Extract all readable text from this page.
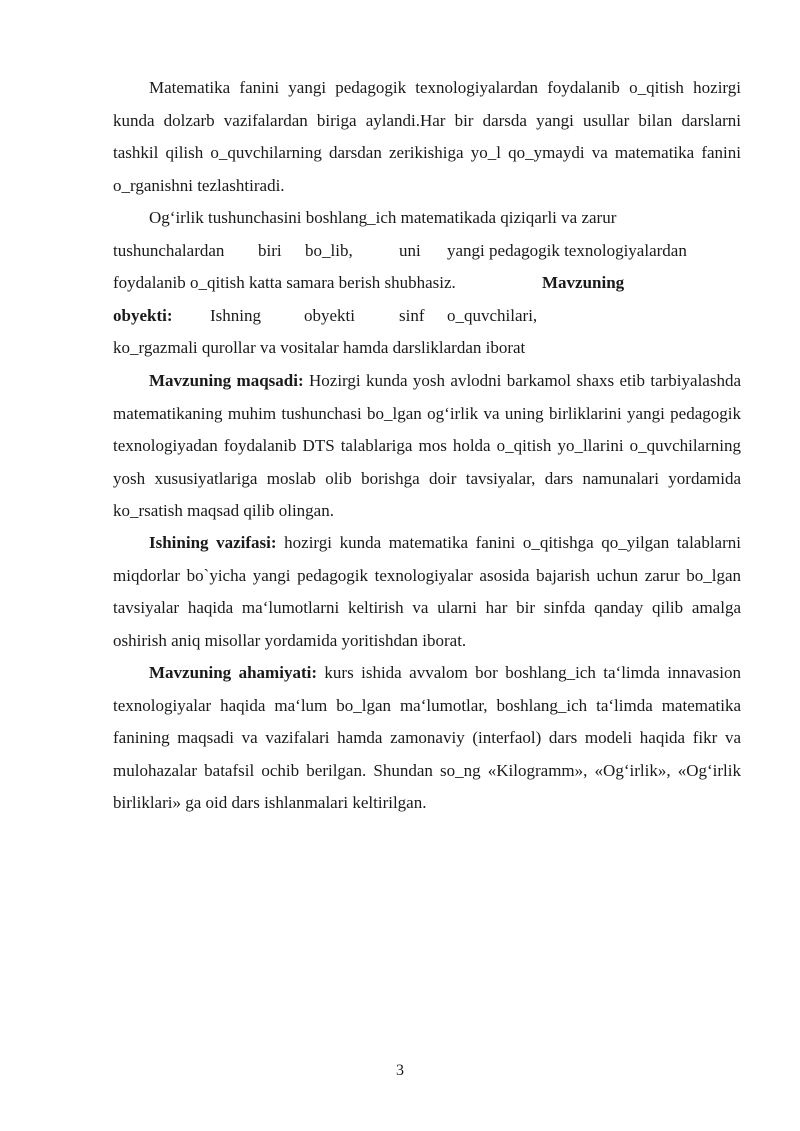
Matematika fanini yangi pedagogik texnologiyalardan foydalanib o_qitish hozirgi kunda dolzarb vazifalardan biriga aylandi.Har bir darsda yangi usullar bilan darslarni tashkil qilish o_quvchilarning darsdan zerikishiga yo_l qo_ymaydi va matematika fanini o_rganishni tezlashtiradi.

Og‘irlik tushunchasini boshlang_ich matematikada qiziqarli va zarur
tushunchalardan biri bo_lib,	uni yangi pedagogik texnologiyalardan
foydalanib o_qitish katta samara berish shubhasiz.	Mavzuning
obyekti: Ishning	obyekti	sinf o_quvchilari,
ko_rgazmali qurollar va vositalar hamda darsliklardan iborat

Mavzuning maqsadi: Hozirgi kunda yosh avlodni barkamol shaxs etib tarbiyalashda matematikaning muhim tushunchasi bo_lgan og‘irlik va uning birliklarini yangi pedagogik texnologiyadan foydalanib DTS talablariga mos holda o_qitish yo_llarini o_quvchilarning yosh xususiyatlariga moslab olib borishga doir tavsiyalar, dars namunalari yordamida ko_rsatish maqsad qilib olingan.

Ishining vazifasi: hozirgi kunda matematika fanini o_qitishga qo_yilgan talablarni miqdorlar bo`yicha yangi pedagogik texnologiyalar asosida bajarish uchun zarur bo_lgan tavsiyalar haqida ma‘lumotlarni keltirish va ularni har bir sinfda qanday qilib amalga oshirish aniq misollar yordamida yoritishdan iborat.

Mavzuning ahamiyati: kurs ishida avvalom bor boshlang_ich ta‘limda innavasion texnologiyalar haqida ma‘lum bo_lgan ma‘lumotlar, boshlang_ich ta‘limda matematika fanining maqsadi va vazifalari hamda zamonaviy (interfaol) dars modeli haqida fikr va mulohazalar batafsil ochib berilgan. Shundan so_ng «Kilogramm», «Og‘irlik», «Og‘irlik birliklari» ga oid dars ishlanmalari keltirilgan.

3
